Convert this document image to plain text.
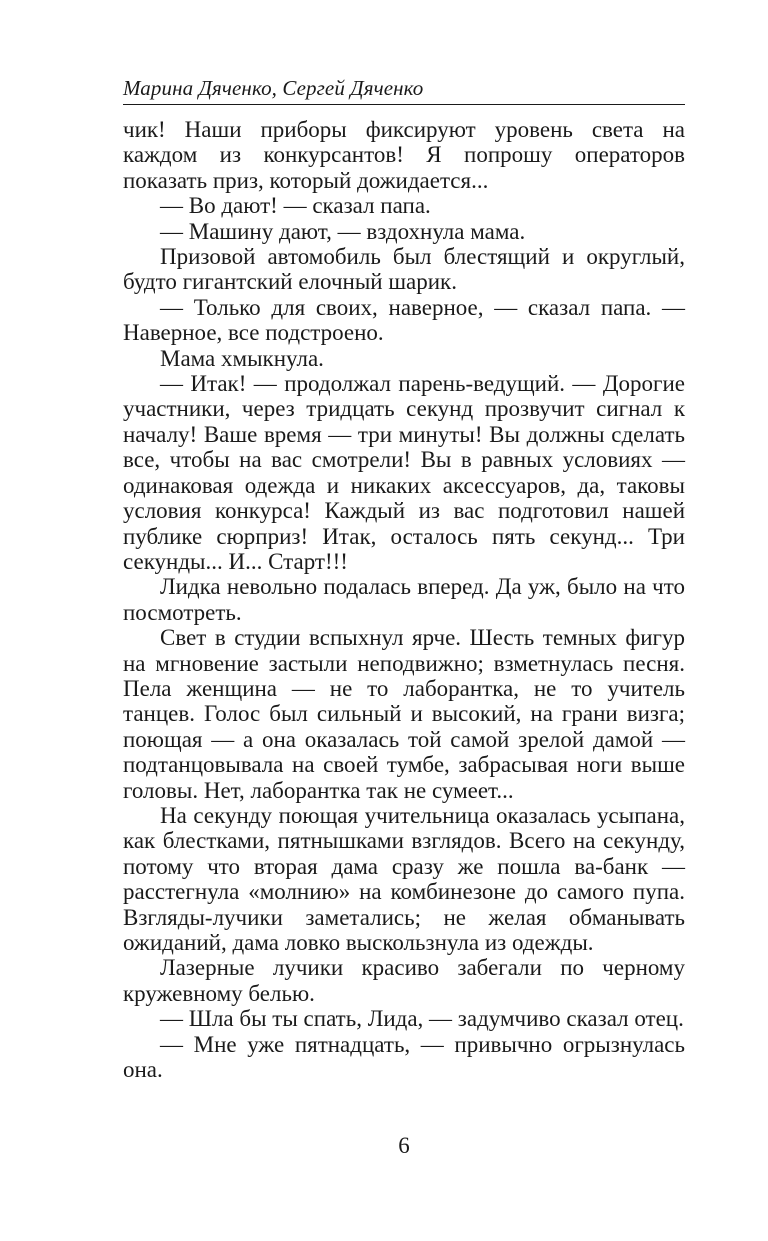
Марина Дяченко, Сергей Дяченко

чик! Наши приборы фиксируют уровень света на каждом из конкурсантов! Я попрошу операторов показать приз, который дожидается...

— Во дают! — сказал папа.

— Машину дают, — вздохнула мама.

Призовой автомобиль был блестящий и округлый, будто гигантский елочный шарик.

— Только для своих, наверное, — сказал папа. — Наверное, все подстроено.

Мама хмыкнула.

— Итак! — продолжал парень-ведущий. — Дорогие участники, через тридцать секунд прозвучит сигнал к началу! Ваше время — три минуты! Вы должны сделать все, чтобы на вас смотрели! Вы в равных условиях — одинаковая одежда и никаких аксессуаров, да, таковы условия конкурса! Каждый из вас подготовил нашей публике сюрприз! Итак, осталось пять секунд... Три секунды... И... Старт!!!

Лидка невольно подалась вперед. Да уж, было на что посмотреть.

Свет в студии вспыхнул ярче. Шесть темных фигур на мгновение застыли неподвижно; взметнулась песня. Пела женщина — не то лаборантка, не то учитель танцев. Голос был сильный и высокий, на грани визга; поющая — а она оказалась той самой зрелой дамой — подтанцовывала на своей тумбе, забрасывая ноги выше головы. Нет, лаборантка так не сумеет...

На секунду поющая учительница оказалась усыпана, как блестками, пятнышками взглядов. Всего на секунду, потому что вторая дама сразу же пошла ва-банк — расстегнула «молнию» на комбинезоне до самого пупа. Взгляды-лучики заметались; не желая обманывать ожиданий, дама ловко выскользнула из одежды.

Лазерные лучики красиво забегали по черному кружевному белью.

— Шла бы ты спать, Лида, — задумчиво сказал отец.

— Мне уже пятнадцать, — привычно огрызнулась она.

6
